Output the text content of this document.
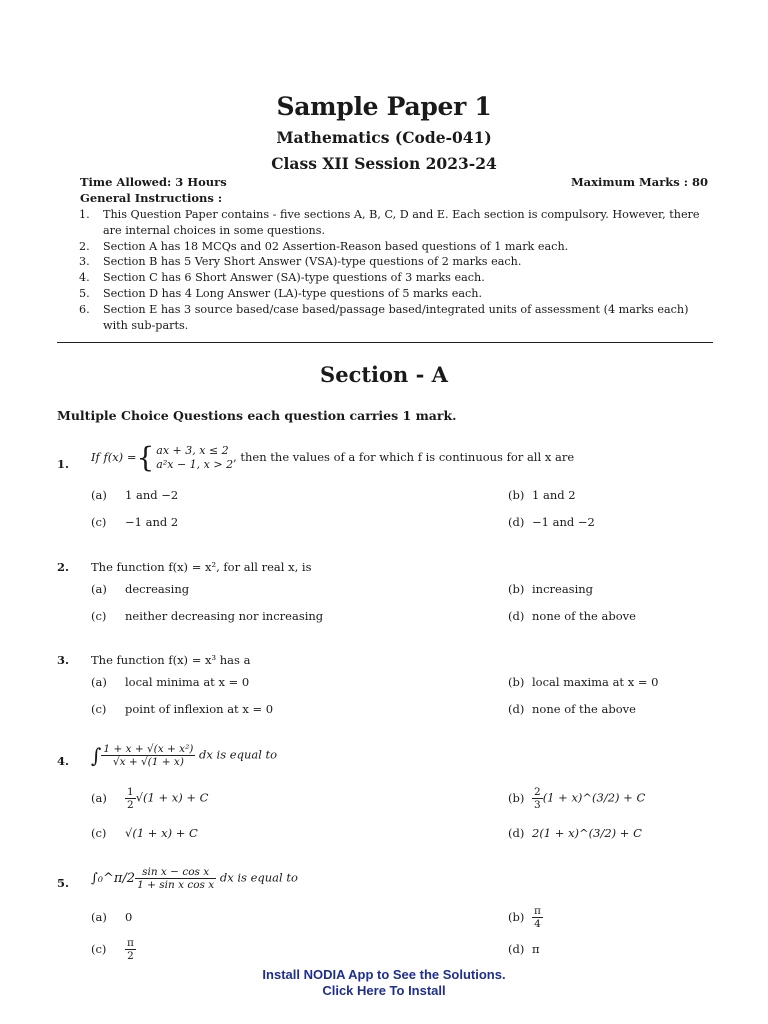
Sample Paper 1
Mathematics (Code-041)
Class XII Session 2023-24
Time Allowed: 3 Hours	Maximum Marks : 80
General Instructions :
1. This Question Paper contains - five sections A, B, C, D and E. Each section is compulsory. However, there are internal choices in some questions.
2. Section A has 18 MCQs and 02 Assertion-Reason based questions of 1 mark each.
3. Section B has 5 Very Short Answer (VSA)-type questions of 2 marks each.
4. Section C has 6 Short Answer (SA)-type questions of 3 marks each.
5. Section D has 4 Long Answer (LA)-type questions of 5 marks each.
6. Section E has 3 source based/case based/passage based/integrated units of assessment (4 marks each) with sub-parts.
Section - A
Multiple Choice Questions each question carries 1 mark.
1. If f(x) ={ ax + 3, x ≤ 2
a²x − 1, x > 2
, then the values of a for which f is continuous for all x are
(a) 1 and −2	(b) 1 and 2
(c) −1 and 2	(d) −1 and −2
2. The function f(x) = x², for all real x, is
(a) decreasing	(b) increasing
(c) neither decreasing nor increasing	(d) none of the above
3. The function f(x) = x³ has a
(a) local minima at x = 0	(b) local maxima at x = 0
(c) point of inflexion at x = 0	(d) none of the above
4. ∫ $\frac{\text{1 + x + √(x + x²)}}{√x + √(1 + x)}$ dx is equal to
$(a) \frac{1}{2} √(1 + x) + C$	$(b) \frac{2}{3} (1$ + x)^(3/2) + C
(c) √(1 + x) + C	(d) 2(1 + x)^(3/2) + C
5. ∫₀^π/2 $\frac{\text{sin x − cos x}}{\text{1 + sin x cos x}}$ dx is equal to
(a) 0	$(b) \frac{\pi}{4}$
$(c) \frac{\pi}{2}$	(d) π
Install NODIA App to See the Solutions.
Click Here To Install
